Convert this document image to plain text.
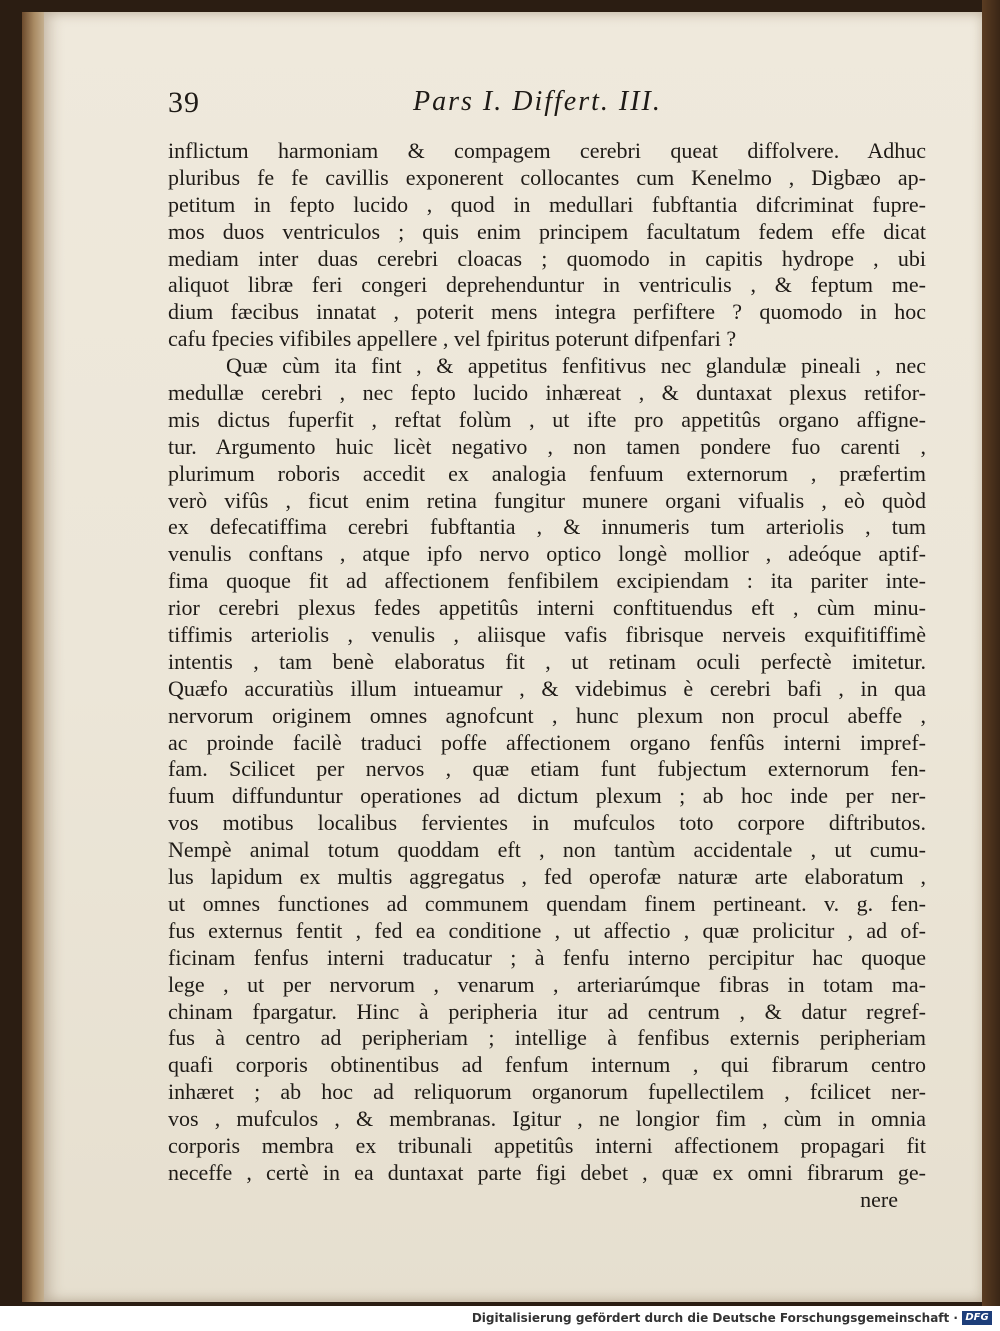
39	Pars I. Differt. III.
inflictum harmoniam & compagem cerebri queat diffolvere. Adhuc
pluribus fe fe cavillis exponerent collocantes cum Kenelmo , Digbæo ap-
petitum in fepto lucido , quod in medullari fubftantia difcriminat fupre-
mos duos ventriculos ; quis enim principem facultatum fedem effe dicat
mediam inter duas cerebri cloacas ; quomodo in capitis hydrope , ubi
aliquot libræ feri congeri deprehenduntur in ventriculis , & feptum me-
dium fæcibus innatat , poterit mens integra perfiftere ? quomodo in hoc
cafu fpecies vifibiles appellere , vel fpiritus poterunt difpenfari ?
Quæ cùm ita fint , & appetitus fenfitivus nec glandulæ pineali , nec
medullæ cerebri , nec fepto lucido inhæreat , & duntaxat plexus retifor-
mis dictus fuperfit , reftat folùm , ut ifte pro appetitûs organo affigne-
tur. Argumento huic licèt negativo , non tamen pondere fuo carenti ,
plurimum roboris accedit ex analogia fenfuum externorum , præfertim
verò vifûs , ficut enim retina fungitur munere organi vifualis , eò quòd
ex defecatiffima cerebri fubftantia , & innumeris tum arteriolis , tum
venulis conftans , atque ipfo nervo optico longè mollior , adeóque aptif-
fima quoque fit ad affectionem fenfibilem excipiendam : ita pariter inte-
rior cerebri plexus fedes appetitûs interni conftituendus eft , cùm minu-
tiffimis arteriolis , venulis , aliisque vafis fibrisque nerveis exquifitiffimè
intentis , tam benè elaboratus fit , ut retinam oculi perfectè imitetur.
Quæfo accuratiùs illum intueamur , & videbimus è cerebri bafi , in qua
nervorum originem omnes agnofcunt , hunc plexum non procul abeffe ,
ac proinde facilè traduci poffe affectionem organo fenfûs interni impref-
fam. Scilicet per nervos , quæ etiam funt fubjectum externorum fen-
fuum diffunduntur operationes ad dictum plexum ; ab hoc inde per ner-
vos motibus localibus fervientes in mufculos toto corpore diftributos.
Nempè animal totum quoddam eft , non tantùm accidentale , ut cumu-
lus lapidum ex multis aggregatus , fed operofæ naturæ arte elaboratum ,
ut omnes functiones ad communem quendam finem pertineant. v. g. fen-
fus externus fentit , fed ea conditione , ut affectio , quæ prolicitur , ad of-
ficinam fenfus interni traducatur ; à fenfu interno percipitur hac quoque
lege , ut per nervorum , venarum , arteriarúmque fibras in totam ma-
chinam fpargatur. Hinc à peripheria itur ad centrum , & datur regref-
fus à centro ad peripheriam ; intellige à fenfibus externis peripheriam
quafi corporis obtinentibus ad fenfum internum , qui fibrarum centro
inhæret ; ab hoc ad reliquorum organorum fupellectilem , fcilicet ner-
vos , mufculos , & membranas. Igitur , ne longior fim , cùm in omnia
corporis membra ex tribunali appetitûs interni affectionem propagari fit
neceffe , certè in ea duntaxat parte figi debet , quæ ex omni fibrarum ge-
nere
Digitalisierung gefördert durch die Deutsche Forschungsgemeinschaft · DFG
